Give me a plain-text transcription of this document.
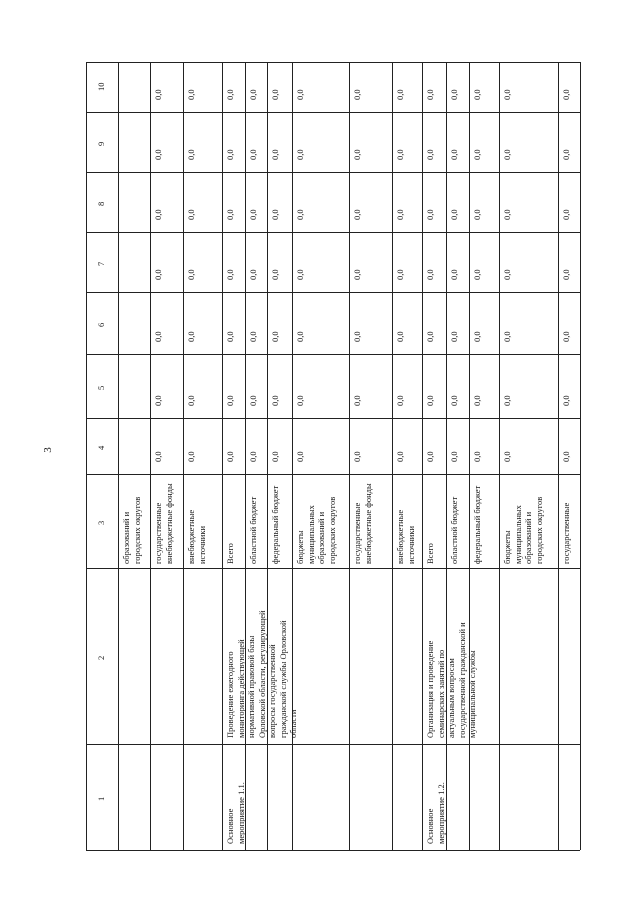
3
10
9
8
7
6
5
4
3
2
1
образований и
городских округов государственные
внебюджетные фонды
0,0
0,0
0,0
0,0
0,0
0,0
0,0
внебюджетные
источники
0,0
0,0
0,0
0,0
0,0
0,0
0,0
Основное
мероприятие 1.1.
Проведение ежегодного
мониторинга действующей
нормативной правовой базы
Орловской области, регулирующей
вопросы государственной
гражданской службы Орловской
области
Всего
0,0
0,0
0,0
0,0
0,0
0,0
0,0
областной бюджет
0,0
0,0
0,0
0,0
0,0
0,0
0,0
федеральный бюджет
0,0
0,0
0,0
0,0
0,0
0,0
0,0
бюджеты
муниципальных
образований и
городских округов
0,0
0,0
0,0
0,0
0,0
0,0
0,0
государственные
внебюджетные фонды
0,0
0,0
0,0
0,0
0,0
0,0
0,0
внебюджетные
источники
0,0
0,0
0,0
0,0
0,0
0,0
0,0
Основное
мероприятие 1.2.
Организация и проведение
семинарских занятий по
актуальным вопросам
государственной гражданской и
муниципальной службы
Всего
0,0
0,0
0,0
0,0
0,0
0,0
0,0
областной бюджет
0,0
0,0
0,0
0,0
0,0
0,0
0,0
федеральный бюджет
0,0
0,0
0,0
0,0
0,0
0,0
0,0
бюджеты
муниципальных
образований и
городских округов
0,0
0,0
0,0
0,0
0,0
0,0
0,0
государственные
0,0
0,0
0,0
0,0
0,0
0,0
0,0
